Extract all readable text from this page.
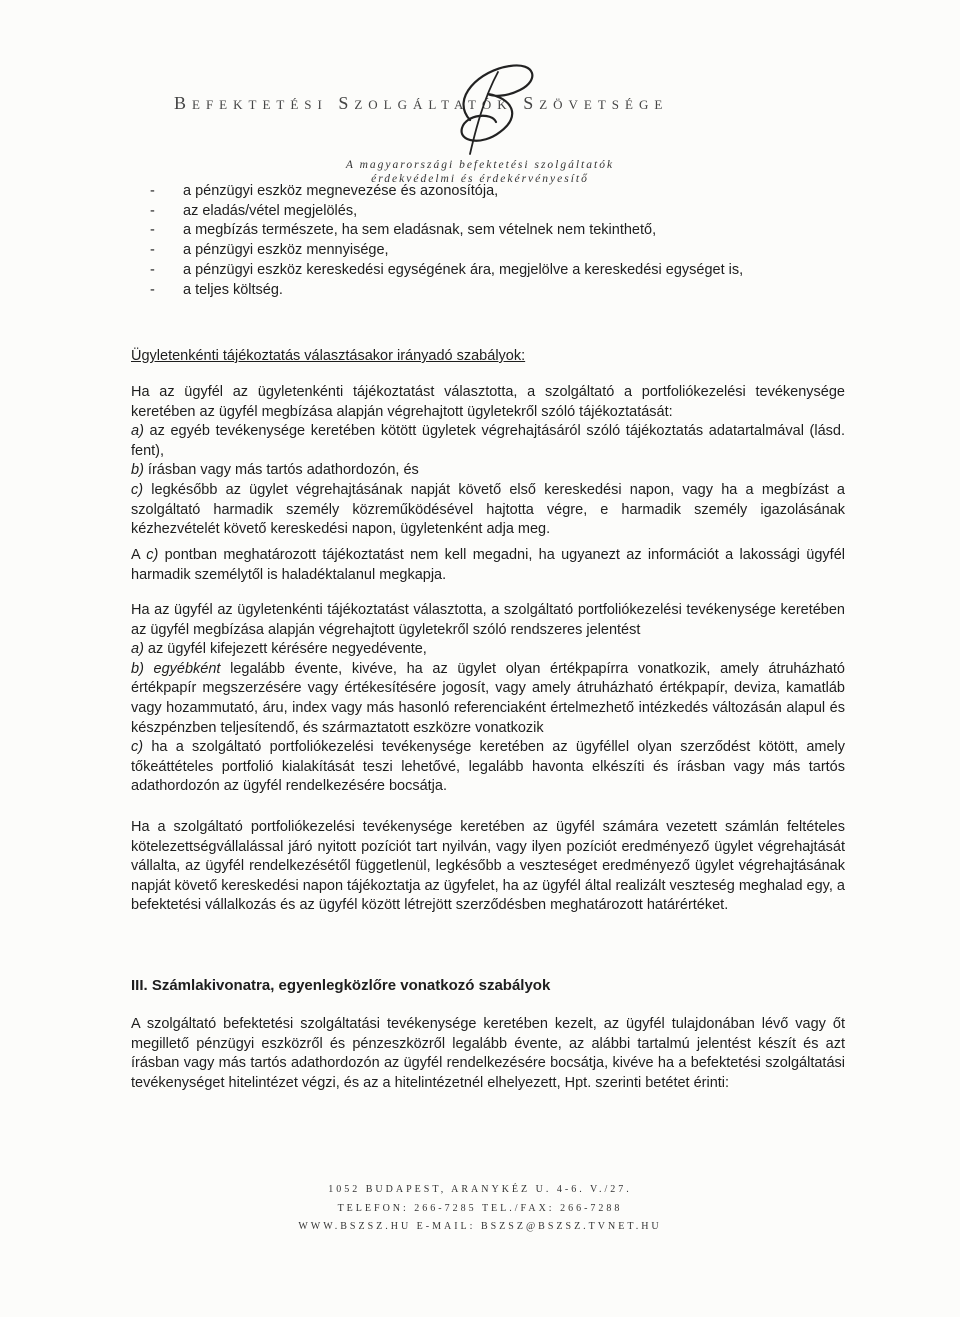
Befektetési Szolgáltatók Szövetsége
A magyarországi befektetési szolgáltatók
érdekvédelmi és érdekérvényesítő
- a pénzügyi eszköz megnevezése és azonosítója,
- az eladás/vétel megjelölés,
- a megbízás természete, ha sem eladásnak, sem vételnek nem tekinthető,
- a pénzügyi eszköz mennyisége,
- a pénzügyi eszköz kereskedési egységének ára, megjelölve a kereskedési egységet is,
- a teljes költség.

Ügyletenkénti tájékoztatás választásakor irányadó szabályok:

Ha az ügyfél az ügyletenkénti tájékoztatást választotta, a szolgáltató a portfoliókezelési tevékenysége keretében az ügyfél megbízása alapján végrehajtott ügyletekről szóló tájékoztatását:
a) az egyéb tevékenysége keretében kötött ügyletek végrehajtásáról szóló tájékoztatás adatartalmával (lásd. fent),
b) írásban vagy más tartós adathordozón, és
c) legkésőbb az ügylet végrehajtásának napját követő első kereskedési napon, vagy ha a megbízást a szolgáltató harmadik személy közreműködésével hajtotta végre, e harmadik személy igazolásának kézhezvételét követő kereskedési napon, ügyletenként adja meg.

A c) pontban meghatározott tájékoztatást nem kell megadni, ha ugyanezt az információt a lakossági ügyfél harmadik személytől is haladéktalanul megkapja.

Ha az ügyfél az ügyletenkénti tájékoztatást választotta, a szolgáltató portfoliókezelési tevékenysége keretében az ügyfél megbízása alapján végrehajtott ügyletekről szóló rendszeres jelentést
a) az ügyfél kifejezett kérésére negyedévente,
b) egyébként legalább évente, kivéve, ha az ügylet olyan értékpapírra vonatkozik, amely átruházható értékpapír megszerzésére vagy értékesítésére jogosít, vagy amely átruházható értékpapír, deviza, kamatláb vagy hozammutató, áru, index vagy más hasonló referenciaként értelmezhető intézkedés változásán alapul és készpénzben teljesítendő, és származtatott eszközre vonatkozik
c) ha a szolgáltató portfoliókezelési tevékenysége keretében az ügyféllel olyan szerződést kötött, amely tőkeáttételes portfolió kialakítását teszi lehetővé, legalább havonta elkészíti és írásban vagy más tartós adathordozón az ügyfél rendelkezésére bocsátja.

Ha a szolgáltató portfoliókezelési tevékenysége keretében az ügyfél számára vezetett számlán feltételes kötelezettségvállalással járó nyitott pozíciót tart nyilván, vagy ilyen pozíciót eredményező ügylet végrehajtását vállalta, az ügyfél rendelkezésétől függetlenül, legkésőbb a veszteséget eredményező ügylet végrehajtásának napját követő kereskedési napon tájékoztatja az ügyfelet, ha az ügyfél által realizált veszteség meghalad egy, a befektetési vállalkozás és az ügyfél között létrejött szerződésben meghatározott határértéket.

III. Számlakivonatra, egyenlegközlőre vonatkozó szabályok

A szolgáltató befektetési szolgáltatási tevékenysége keretében kezelt, az ügyfél tulajdonában lévő vagy őt megillető pénzügyi eszközről és pénzeszközről legalább évente, az alábbi tartalmú jelentést készít és azt írásban vagy más tartós adathordozón az ügyfél rendelkezésére bocsátja, kivéve ha a befektetési szolgáltatási tevékenységet hitelintézet végzi, és az a hitelintézetnél elhelyezett, Hpt. szerinti betétet érinti:

1052 BUDAPEST, ARANYKÉZ U. 4-6. V./27.
TELEFON: 266-7285 TEL./FAX: 266-7288
WWW.BSZSZ.HU E-MAIL: BSZSZ@BSZSZ.TVNET.HU
